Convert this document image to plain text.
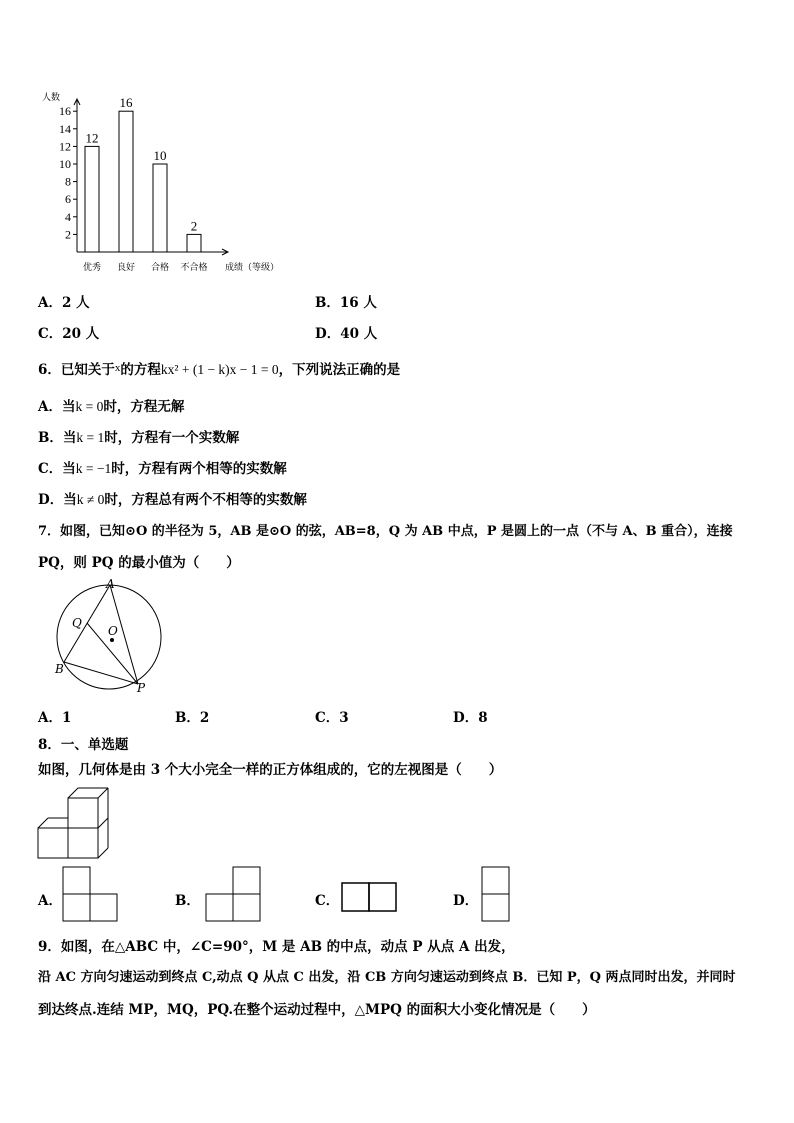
人数
2
4
6
8
10
12
14
16
12
优秀
16
良好
10
合格
2
不合格 成绩（等级）
A．2 人	B．16 人
C．20 人	D．40 人
6．已知关于$^x$的方程kx² + (1 − k)x − 1 = 0，下列说法正确的是
A．当k = 0时，方程无解
B．当k = 1时，方程有一个实数解
C．当k = −1时，方程有两个相等的实数解
D．当k ≠ 0时，方程总有两个不相等的实数解
7．如图，已知⊙O 的半径为 5，AB 是⊙O 的弦，AB=8，Q 为 AB 中点，P 是圆上的一点（不与 A、B 重合），连接
PQ，则 PQ 的最小值为（　　）
A
Q
O
B
P
A．1	B．2	C．3	D．8
8．一、单选题
如图，几何体是由 3 个大小完全一样的正方体组成的，它的左视图是（　　）
A．	B．	C．	D．
9．如图，在△ABC 中，∠C=90°，M 是 AB 的中点，动点 P 从点 A 出发，
沿 AC 方向匀速运动到终点 C,动点 Q 从点 C 出发，沿 CB 方向匀速运动到终点 B．已知 P，Q 两点同时出发，并同时
到达终点.连结 MP，MQ，PQ.在整个运动过程中，△MPQ 的面积大小变化情况是（　　）
